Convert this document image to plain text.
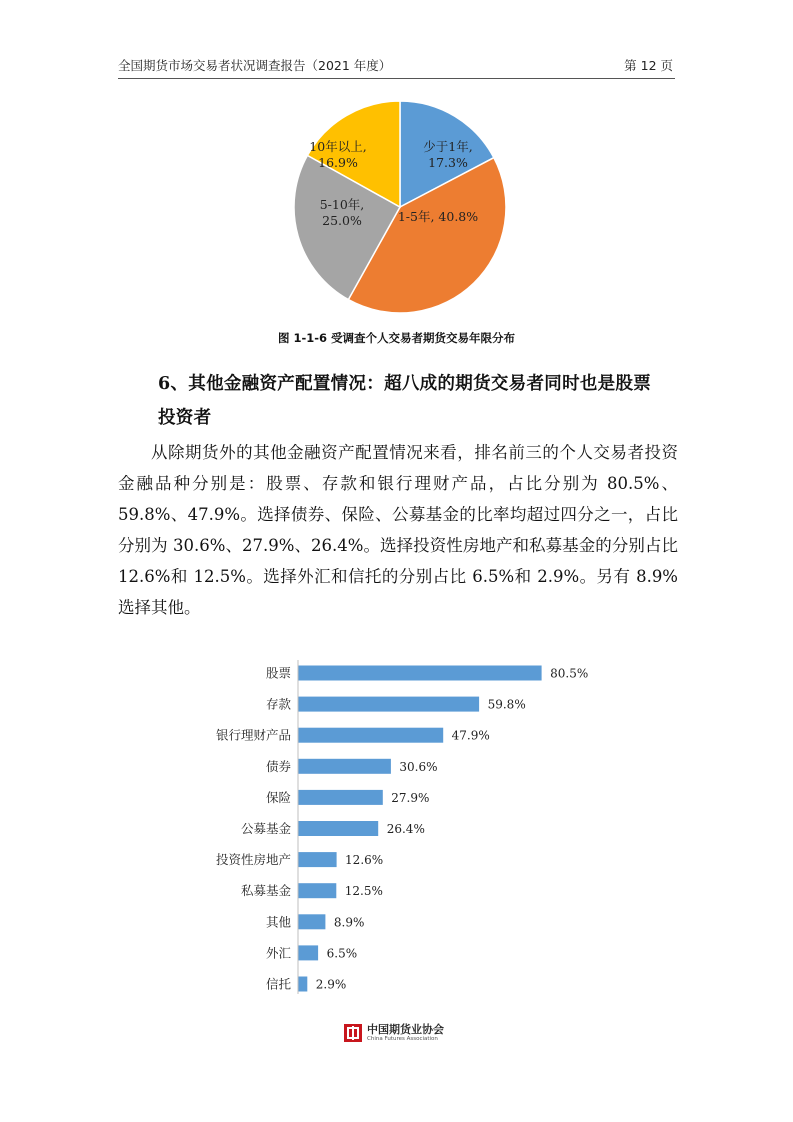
全国期货市场交易者状况调查报告（2021 年度）	第 12 页
少于1年, 17.3%
1-5年, 40.8%
5-10年, 25.0%
10年以上, 16.9%
图 1-1-6 受调查个人交易者期货交易年限分布
6、其他金融资产配置情况：超八成的期货交易者同时也是股票
投资者

从除期货外的其他金融资产配置情况来看，排名前三的个人交易者投资金融品种分别是：股票、存款和银行理财产品，占比分别为 80.5%、59.8%、47.9%。选择债券、保险、公募基金的比率均超过四分之一，占比分别为 30.6%、27.9%、26.4%。选择投资性房地产和私募基金的分别占比 12.6%和 12.5%。选择外汇和信托的分别占比 6.5%和 2.9%。另有 8.9%选择其他。

股票	80.5%
存款	59.8%
银行理财产品	47.9%
债券	30.6%
保险	27.9%
公募基金	26.4%
投资性房地产	12.6%
私募基金	12.5%
其他	8.9%
外汇	6.5%
信托 2.9%
中国期货业协会
China Futures Association
